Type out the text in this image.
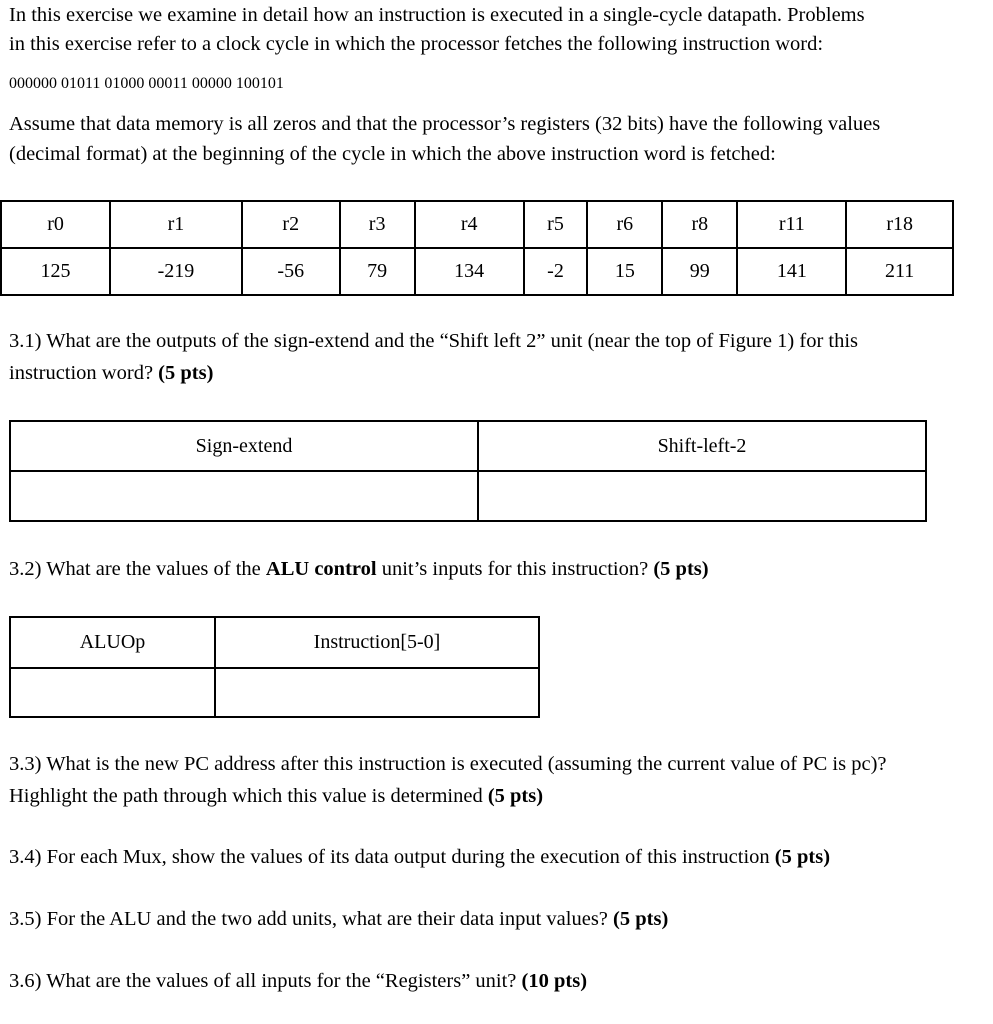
In this exercise we examine in detail how an instruction is executed in a single-cycle datapath. Problems

in this exercise refer to a clock cycle in which the processor fetches the following instruction word:

000000 01011 01000 00011 00000 100101

Assume that data memory is all zeros and that the processor’s registers (32 bits) have the following values

(decimal format) at the beginning of the cycle in which the above instruction word is fetched:

r0	r1	r2	r3	r4	r5	r6	r8	r11	r18
125	-219	-56	79	134	-2	15	99	141	211

3.1) What are the outputs of the sign-extend and the “Shift left 2” unit (near the top of Figure 1) for this

instruction word? (5 pts)

Sign-extend	Shift-left-2

3.2) What are the values of the ALU control unit’s inputs for this instruction? (5 pts)

ALUOp	Instruction[5-0]

3.3) What is the new PC address after this instruction is executed (assuming the current value of PC is pc)?

Highlight the path through which this value is determined (5 pts)

3.4) For each Mux, show the values of its data output during the execution of this instruction (5 pts)

3.5) For the ALU and the two add units, what are their data input values? (5 pts)

3.6) What are the values of all inputs for the “Registers” unit? (10 pts)
